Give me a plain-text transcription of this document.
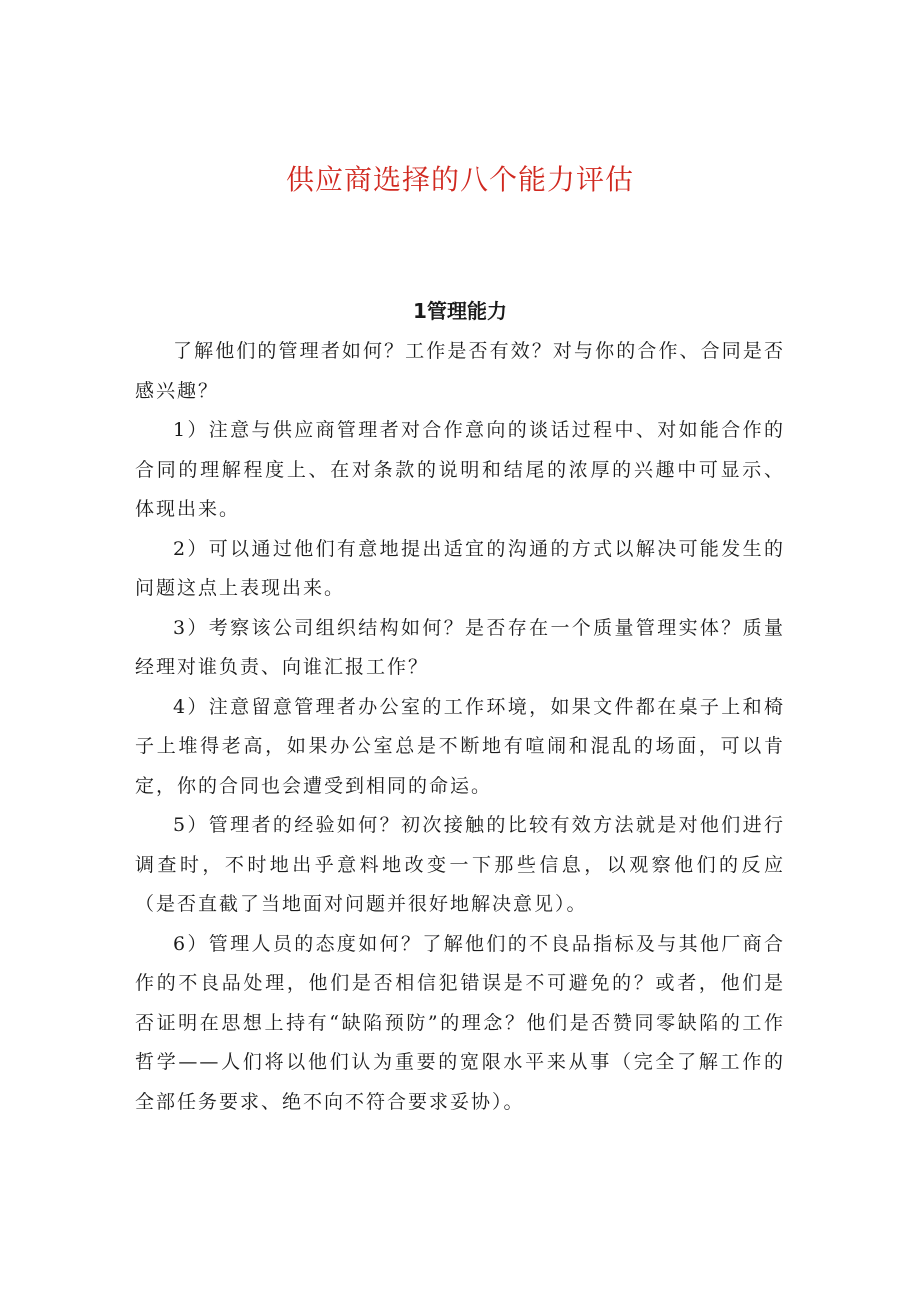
供应商选择的八个能力评估
1管理能力

了解他们的管理者如何？工作是否有效？对与你的合作、合同是否感兴趣？

1）注意与供应商管理者对合作意向的谈话过程中、对如能合作的合同的理解程度上、在对条款的说明和结尾的浓厚的兴趣中可显示、体现出来。

2）可以通过他们有意地提出适宜的沟通的方式以解决可能发生的问题这点上表现出来。

3）考察该公司组织结构如何？是否存在一个质量管理实体？质量经理对谁负责、向谁汇报工作？

4）注意留意管理者办公室的工作环境，如果文件都在桌子上和椅子上堆得老高，如果办公室总是不断地有喧闹和混乱的场面，可以肯定，你的合同也会遭受到相同的命运。

5）管理者的经验如何？初次接触的比较有效方法就是对他们进行调查时，不时地出乎意料地改变一下那些信息，以观察他们的反应（是否直截了当地面对问题并很好地解决意见）。

6）管理人员的态度如何？了解他们的不良品指标及与其他厂商合作的不良品处理，他们是否相信犯错误是不可避免的？或者，他们是否证明在思想上持有“缺陷预防”的理念？他们是否赞同零缺陷的工作哲学——人们将以他们认为重要的宽限水平来从事（完全了解工作的全部任务要求、绝不向不符合要求妥协）。
